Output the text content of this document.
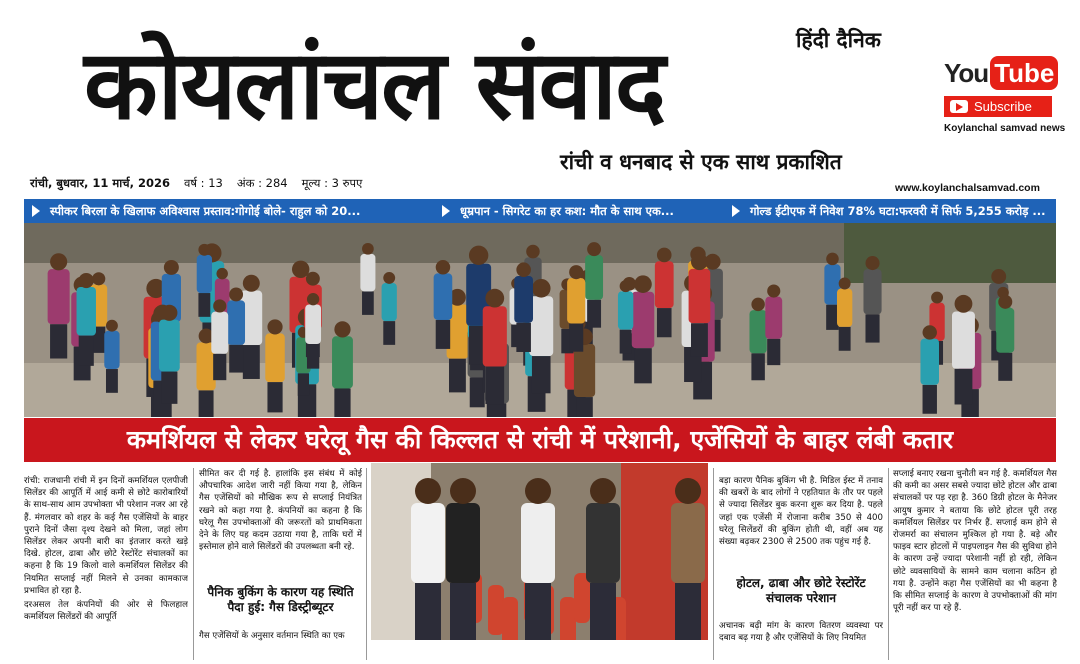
हिंदी दैनिक
कोयलांचल संवाद
रांची व धनबाद से एक साथ प्रकाशित
You Tube
Subscribe
Koylanchal samvad news
रांची, बुधवार, 11 मार्च, 2026 वर्ष : 13 अंक : 284 मूल्य : 3 रुपए	www.koylanchalsamvad.com
स्पीकर बिरला के खिलाफ अविश्वास प्रस्ताव:गोगोई बोले- राहुल को 20...	धूम्रपान - सिगरेट का हर कश: मौत के साथ एक...	गोल्ड ईटीएफ में निवेश 78% घटा:फरवरी में सिर्फ 5,255 करोड़ ...
कमर्शियल से लेकर घरेलू गैस की किल्लत से रांची में परेशानी, एजेंसियों के बाहर लंबी कतार

रांची: राजधानी रांची में इन दिनों कमर्शियल एलपीजी सिलेंडर की आपूर्ति में आई कमी से छोटे कारोबारियों के साथ-साथ आम उपभोक्ता भी परेशान नजर आ रहे हैं. मंगलवार को शहर के कई गैस एजेंसियों के बाहर पुराने दिनों जैसा दृश्य देखने को मिला, जहां लोग सिलेंडर लेकर अपनी बारी का इंतजार करते खड़े दिखे. होटल, ढाबा और छोटे रेस्टोरेंट संचालकों का कहना है कि 19 किलो वाले कमर्शियल सिलेंडर की नियमित सप्लाई नहीं मिलने से उनका कामकाज प्रभावित हो रहा है.

दरअसल तेल कंपनियों की ओर से फिलहाल कमर्शियल सिलेंडरों की आपूर्ति

सीमित कर दी गई है. हालांकि इस संबंध में कोई औपचारिक आदेश जारी नहीं किया गया है, लेकिन गैस एजेंसियों को मौखिक रूप से सप्लाई नियंत्रित रखने को कहा गया है. कंपनियों का कहना है कि घरेलू गैस उपभोक्ताओं की जरूरतों को प्राथमिकता देने के लिए यह कदम उठाया गया है, ताकि घरों में इस्तेमाल होने वाले सिलेंडरों की उपलब्धता बनी रहे.

पैनिक बुकिंग के कारण यह स्थिति पैदा हुई: गैस डिस्ट्रीब्यूटर

गैस एजेंसियों के अनुसार वर्तमान स्थिति का एक

बड़ा कारण पैनिक बुकिंग भी है. मिडिल ईस्ट में तनाव की खबरों के बाद लोगों ने एहतियात के तौर पर पहले से ज्यादा सिलेंडर बुक करना शुरू कर दिया है. पहले जहां एक एजेंसी में रोजाना करीब 350 से 400 घरेलू सिलेंडरों की बुकिंग होती थी, वहीं अब यह संख्या बढ़कर 2300 से 2500 तक पहुंच गई है.

होटल, ढाबा और छोटे रेस्टोरेंट संचालक परेशान

अचानक बढ़ी मांग के कारण वितरण व्यवस्था पर दबाव बढ़ गया है और एजेंसियों के लिए नियमित

सप्लाई बनाए रखना चुनौती बन गई है. कमर्शियल गैस की कमी का असर सबसे ज्यादा छोटे होटल और ढाबा संचालकों पर पड़ रहा है. 360 डिग्री होटल के मैनेजर आयुष कुमार ने बताया कि छोटे होटल पूरी तरह कमर्शियल सिलेंडर पर निर्भर हैं. सप्लाई कम होने से रोजमर्रा का संचालन मुश्किल हो गया है. बड़े और फाइव स्टार होटलों में पाइपलाइन गैस की सुविधा होने के कारण उन्हें ज्यादा परेशानी नहीं हो रही, लेकिन छोटे व्यवसायियों के सामने काम चलाना कठिन हो गया है. उन्होंने कहा गैस एजेंसियों का भी कहना है कि सीमित सप्लाई के कारण वे उपभोक्ताओं की मांग पूरी नहीं कर पा रहे हैं.
